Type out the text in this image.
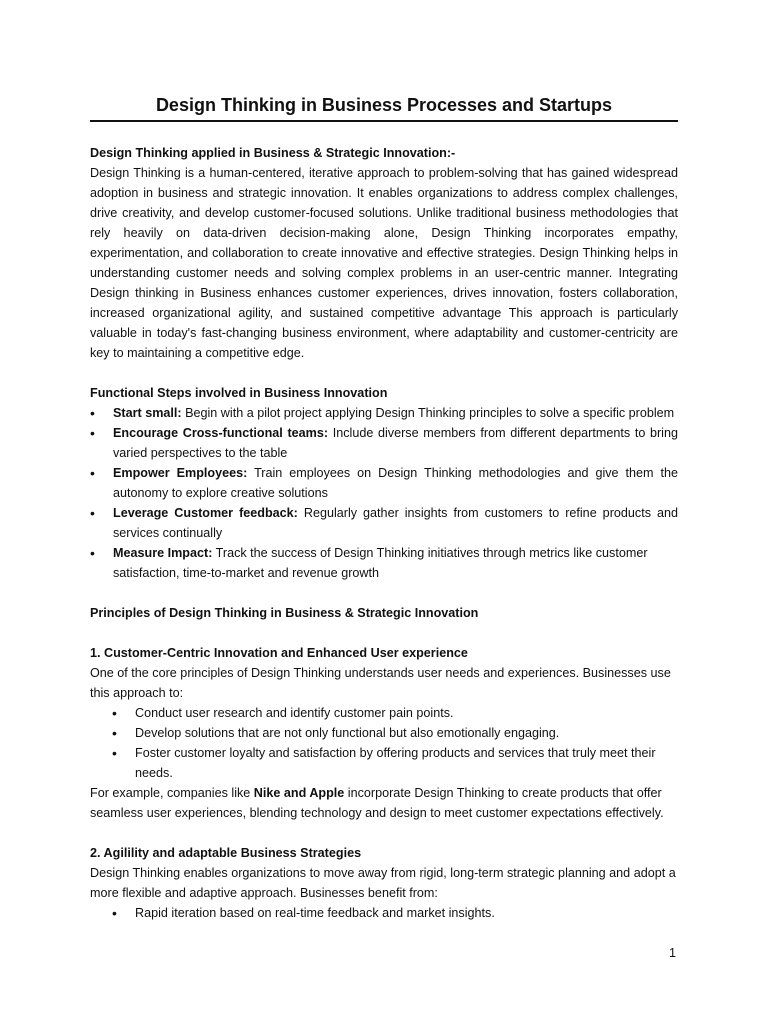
Design Thinking in Business Processes and Startups

Design Thinking applied in Business & Strategic Innovation:-

Design Thinking is a human-centered, iterative approach to problem-solving that has gained widespread adoption in business and strategic innovation. It enables organizations to address complex challenges, drive creativity, and develop customer-focused solutions. Unlike traditional business methodologies that rely heavily on data-driven decision-making alone, Design Thinking incorporates empathy, experimentation, and collaboration to create innovative and effective strategies. Design Thinking helps in understanding customer needs and solving complex problems in an user-centric manner. Integrating Design thinking in Business enhances customer experiences, drives innovation, fosters collaboration, increased organizational agility, and sustained competitive advantage This approach is particularly valuable in today's fast-changing business environment, where adaptability and customer-centricity are key to maintaining a competitive edge.

Functional Steps involved in Business Innovation

• Start small: Begin with a pilot project applying Design Thinking principles to solve a specific problem
• Encourage Cross-functional teams: Include diverse members from different departments to bring varied perspectives to the table
• Empower Employees: Train employees on Design Thinking methodologies and give them the autonomy to explore creative solutions
• Leverage Customer feedback: Regularly gather insights from customers to refine products and services continually
• Measure Impact: Track the success of Design Thinking initiatives through metrics like customer satisfaction, time-to-market and revenue growth

Principles of Design Thinking in Business & Strategic Innovation

1. Customer-Centric Innovation and Enhanced User experience

One of the core principles of Design Thinking understands user needs and experiences. Businesses use this approach to:

• Conduct user research and identify customer pain points.
• Develop solutions that are not only functional but also emotionally engaging.
• Foster customer loyalty and satisfaction by offering products and services that truly meet their needs.

For example, companies like Nike and Apple incorporate Design Thinking to create products that offer seamless user experiences, blending technology and design to meet customer expectations effectively.

2. Agilility and adaptable Business Strategies

Design Thinking enables organizations to move away from rigid, long-term strategic planning and adopt a more flexible and adaptive approach. Businesses benefit from:

• Rapid iteration based on real-time feedback and market insights.
1
